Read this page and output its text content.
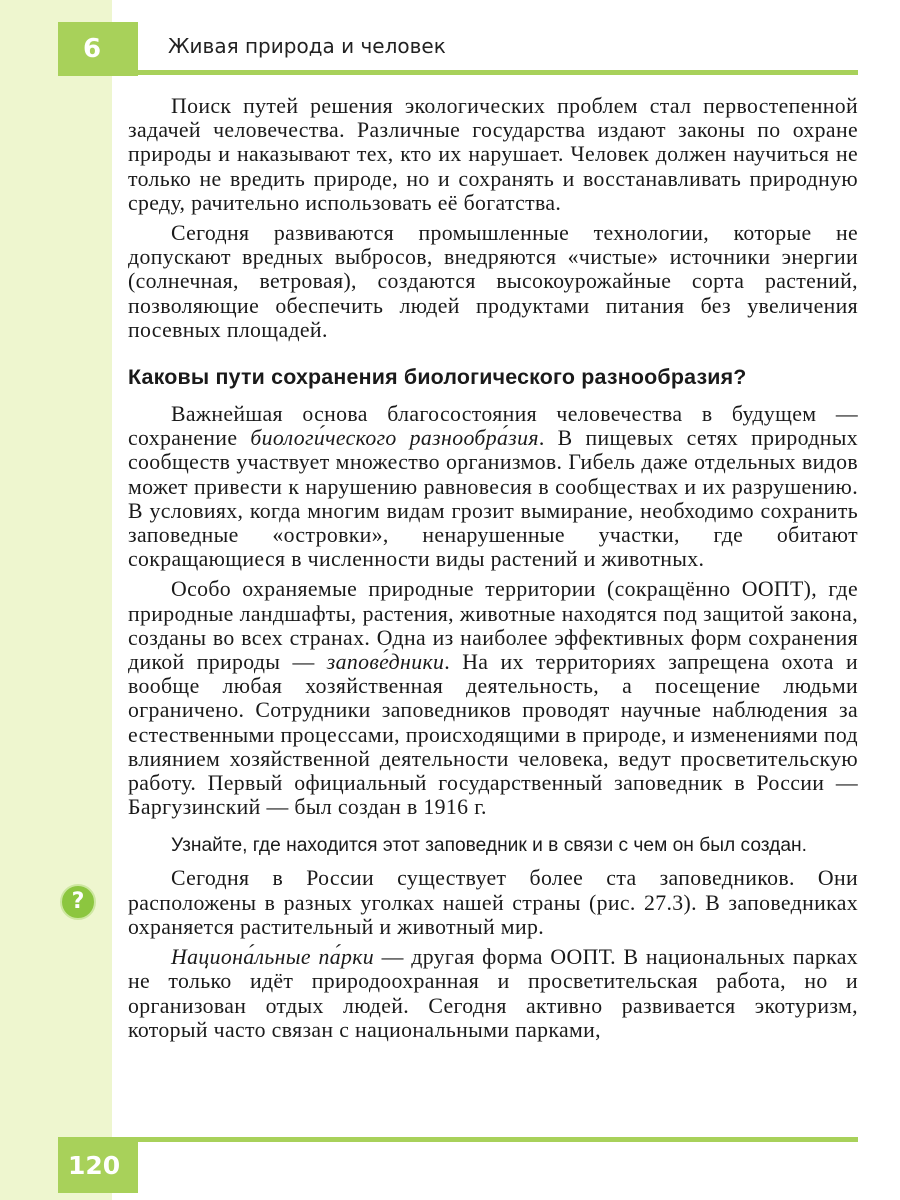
6	Живая природа и человек

Поиск путей решения экологических проблем стал первостепенной задачей человечества. Различные государства издают законы по охране природы и наказывают тех, кто их нарушает. Человек должен научиться не только не вредить природе, но и сохранять и восстанавливать природную среду, рачительно использовать её богатства.

Сегодня развиваются промышленные технологии, которые не допускают вредных выбросов, внедряются «чистые» источники энергии (солнечная, ветровая), создаются высокоурожайные сорта растений, позволяющие обеспечить людей продуктами питания без увеличения посевных площадей.

Каковы пути сохранения биологического разнообразия?

Важнейшая основа благосостояния человечества в будущем — сохранение биологи́ческого разнообра́зия. В пищевых сетях природных сообществ участвует множество организмов. Гибель даже отдельных видов может привести к нарушению равновесия в сообществах и их разрушению. В условиях, когда многим видам грозит вымирание, необходимо сохранить заповедные «островки», ненарушенные участки, где обитают сокращающиеся в численности виды растений и животных.

Особо охраняемые природные территории (сокращённо ООПТ), где природные ландшафты, растения, животные находятся под защитой закона, созданы во всех странах. Одна из наиболее эффективных форм сохранения дикой природы — запове́дники. На их территориях запрещена охота и вообще любая хозяйственная деятельность, а посещение людьми ограничено. Сотрудники заповедников проводят научные наблюдения за естественными процессами, происходящими в природе, и изменениями под влиянием хозяйственной деятельности человека, ведут просветительскую работу. Первый официальный государственный заповедник в России — Баргузинский — был создан в 1916 г.

Узнайте, где находится этот заповедник и в связи с чем он был создан.

Сегодня в России существует более ста заповедников. Они расположены в разных уголках нашей страны (рис. 27.3). В заповедниках охраняется растительный и животный мир.

Национа́льные па́рки — другая форма ООПТ. В национальных парках не только идёт природоохранная и просветительская работа, но и организован отдых людей. Сегодня активно развивается экотуризм, который часто связан с национальными парками,

?
120
